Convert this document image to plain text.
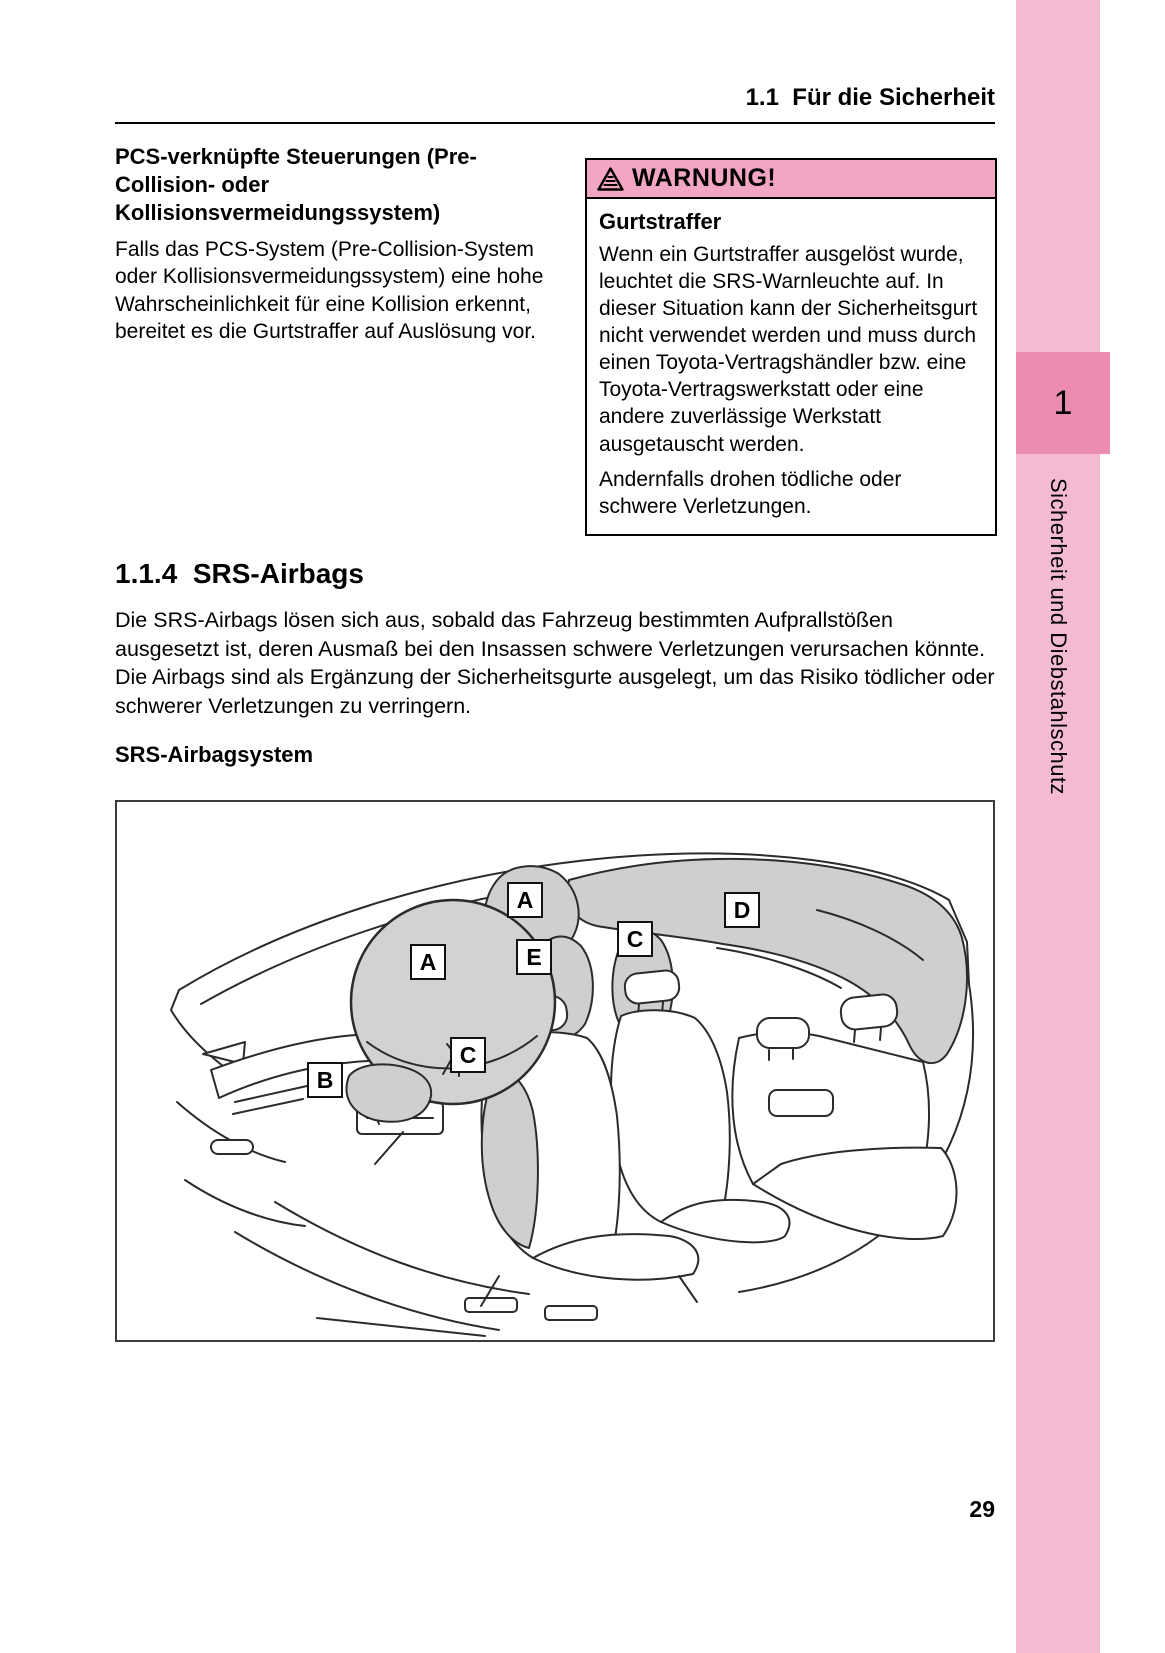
1.1  Für die Sicherheit
PCS-verknüpfte Steuerungen (Pre-Collision- oder Kollisionsvermeidungssystem)
Falls das PCS-System (Pre-Collision-System oder Kollisionsvermeidungssystem) eine hohe Wahrscheinlichkeit für eine Kollision erkennt, bereitet es die Gurtstraffer auf Auslösung vor.
WARNUNG!
Gurtstraffer
Wenn ein Gurtstraffer ausgelöst wurde, leuchtet die SRS-Warnleuchte auf. In dieser Situation kann der Sicherheitsgurt nicht verwendet werden und muss durch einen Toyota-Vertragshändler bzw. eine Toyota-Vertragswerkstatt oder eine andere zuverlässige Werkstatt ausgetauscht werden.
Andernfalls drohen tödliche oder schwere Verletzungen.
1.1.4  SRS-Airbags
Die SRS-Airbags lösen sich aus, sobald das Fahrzeug bestimmten Aufprallstößen ausgesetzt ist, deren Ausmaß bei den Insassen schwere Verletzungen verursachen könnte. Die Airbags sind als Ergänzung der Sicherheitsgurte ausgelegt, um das Risiko tödlicher oder schwerer Verletzungen zu verringern.
SRS-Airbagsystem
A
A	E
C
D
C
B
1
Sicherheit und Diebstahlschutz
29
